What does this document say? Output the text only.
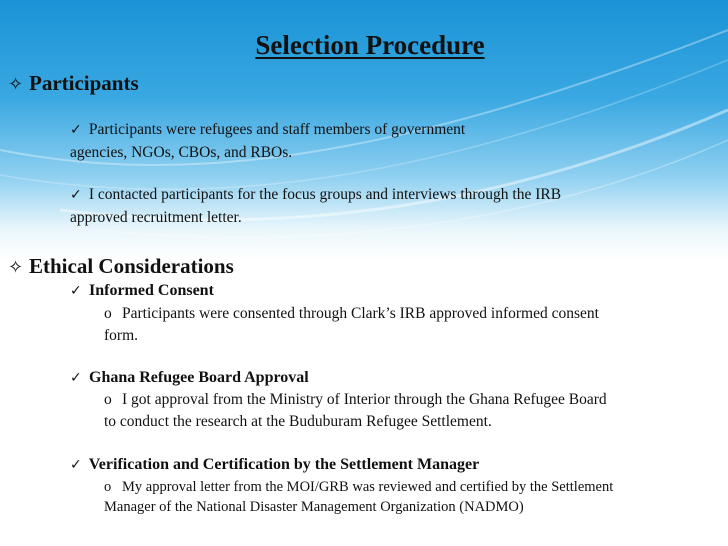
Selection Procedure
✧ Participants
✓ Participants were refugees and staff members of government
agencies, NGOs, CBOs, and RBOs.
✓ I contacted participants for the focus groups and interviews through the IRB
approved recruitment letter.
✧ Ethical Considerations
✓ Informed Consent
o Participants were consented through Clark’s IRB approved informed consent
form.
✓ Ghana Refugee Board Approval
o I got approval from the Ministry of Interior through the Ghana Refugee Board
to conduct the research at the Buduburam Refugee Settlement.
✓ Verification and Certification by the Settlement Manager
o My approval letter from the MOI/GRB was reviewed and certified by the Settlement
Manager of the National Disaster Management Organization (NADMO)
